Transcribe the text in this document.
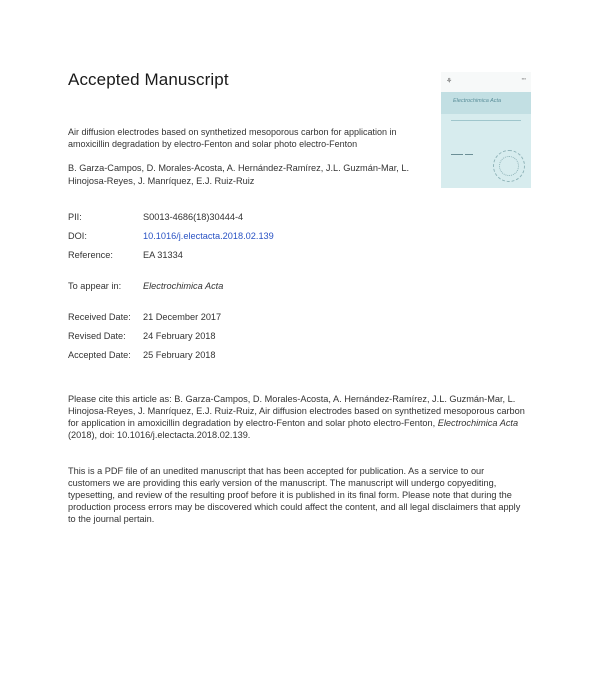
Accepted Manuscript
Air diffusion electrodes based on synthetized mesoporous carbon for application in amoxicillin degradation by electro-Fenton and solar photo electro-Fenton
B. Garza-Campos, D. Morales-Acosta, A. Hernández-Ramírez, J.L. Guzmán-Mar, L. Hinojosa-Reyes, J. Manríquez, E.J. Ruiz-Ruiz
⚘	▪▪▪
Electrochimica Acta
PII:	S0013-4686(18)30444-4
DOI:	10.1016/j.electacta.2018.02.139
Reference:	EA 31334
To appear in: Electrochimica Acta
Received Date: 21 December 2017
Revised Date: 24 February 2018
Accepted Date: 25 February 2018
Please cite this article as: B. Garza-Campos, D. Morales-Acosta, A. Hernández-Ramírez, J.L. Guzmán-Mar, L. Hinojosa-Reyes, J. Manríquez, E.J. Ruiz-Ruiz, Air diffusion electrodes based on synthetized mesoporous carbon for application in amoxicillin degradation by electro-Fenton and solar photo electro-Fenton, Electrochimica Acta (2018), doi: 10.1016/j.electacta.2018.02.139.
This is a PDF file of an unedited manuscript that has been accepted for publication. As a service to our customers we are providing this early version of the manuscript. The manuscript will undergo copyediting, typesetting, and review of the resulting proof before it is published in its final form. Please note that during the production process errors may be discovered which could affect the content, and all legal disclaimers that apply to the journal pertain.
